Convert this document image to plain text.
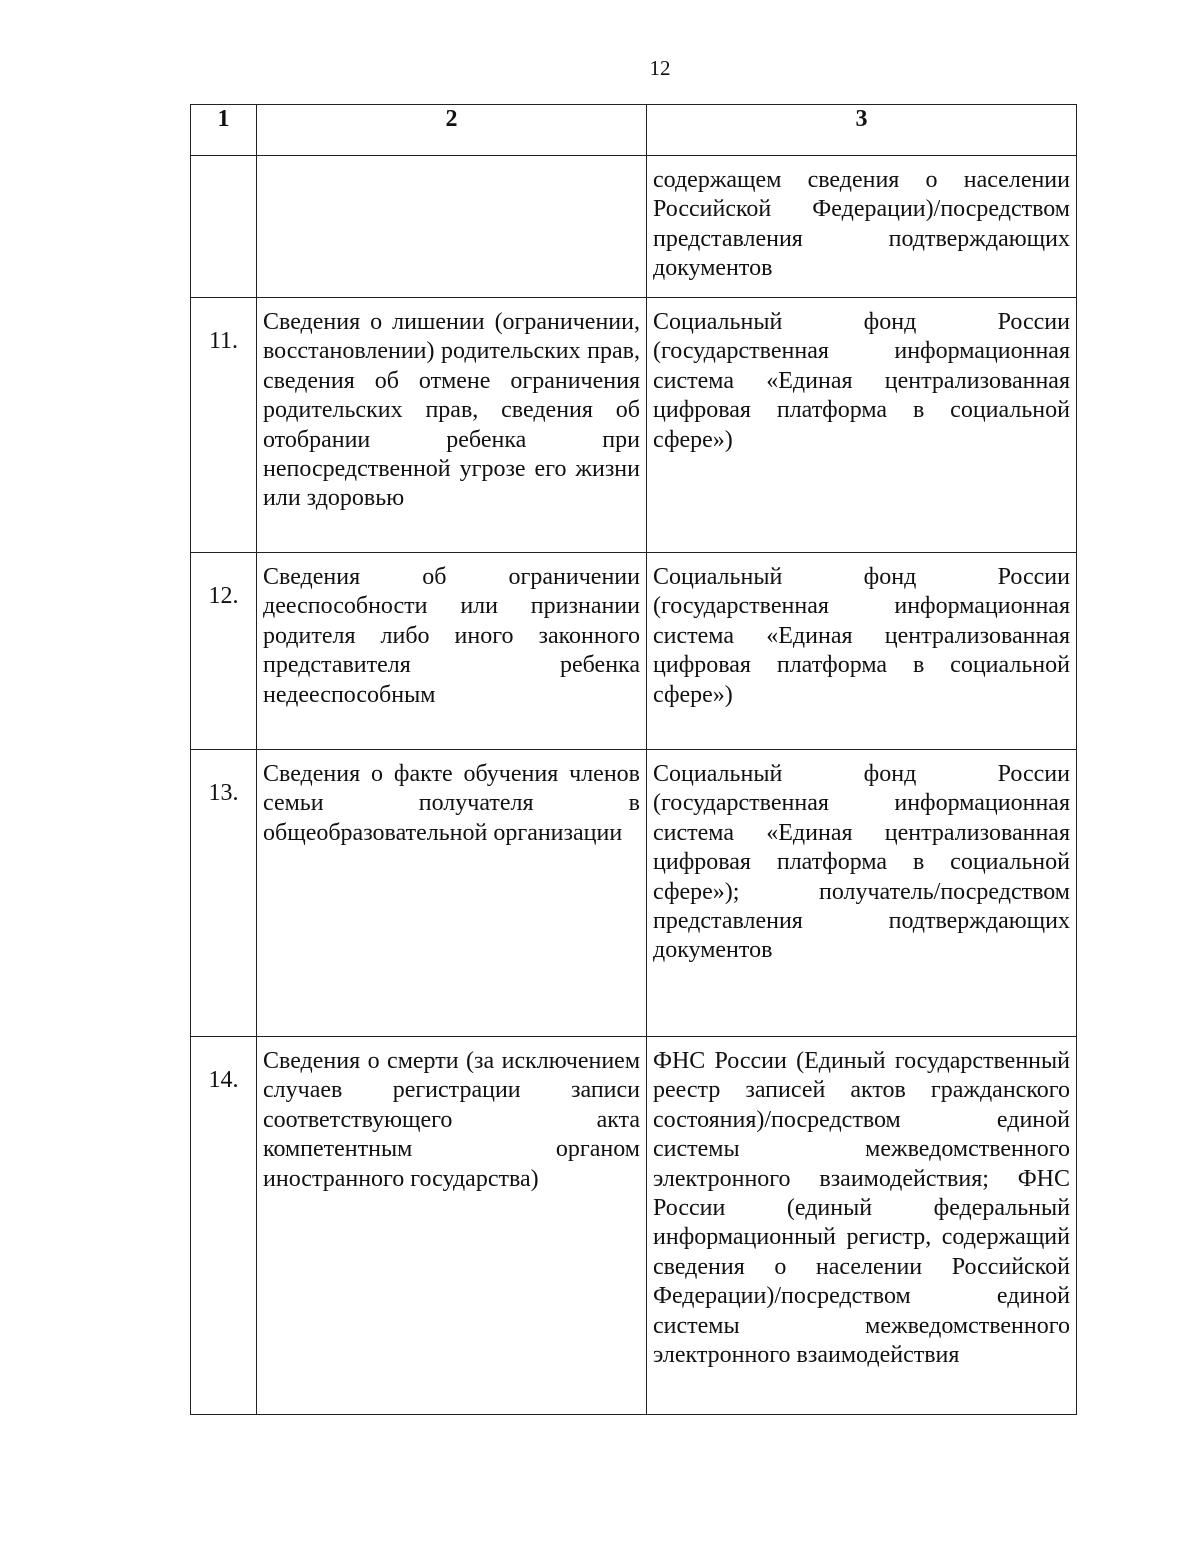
12
1	2	3
		содержащем сведения о населении Российской Федерации)/посредством представления подтверждающих документов
11.	Сведения о лишении (ограничении, восстановлении) родительских прав, сведения об отмене ограничения родительских прав, сведения об отобрании ребенка при непосредственной угрозе его жизни или здоровью	Социальный фонд России (государственная информационная система «Единая централизованная цифровая платформа в социальной сфере»)
12.	Сведения об ограничении дееспособности или признании родителя либо иного законного представителя ребенка недееспособным	Социальный фонд России (государственная информационная система «Единая централизованная цифровая платформа в социальной сфере»)
13.	Сведения о факте обучения членов семьи получателя в общеобразовательной организации	Социальный фонд России (государственная информационная система «Единая централизованная цифровая платформа в социальной сфере»); получатель/посредством представления подтверждающих документов
14.	Сведения о смерти (за исключением случаев регистрации записи соответствующего акта компетентным органом иностранного государства)	ФНС России (Единый государственный реестр записей актов гражданского состояния)/посредством единой системы межведомственного электронного взаимодействия; ФНС России (единый федеральный информационный регистр, содержащий сведения о населении Российской Федерации)/посредством единой системы межведомственного электронного взаимодействия
